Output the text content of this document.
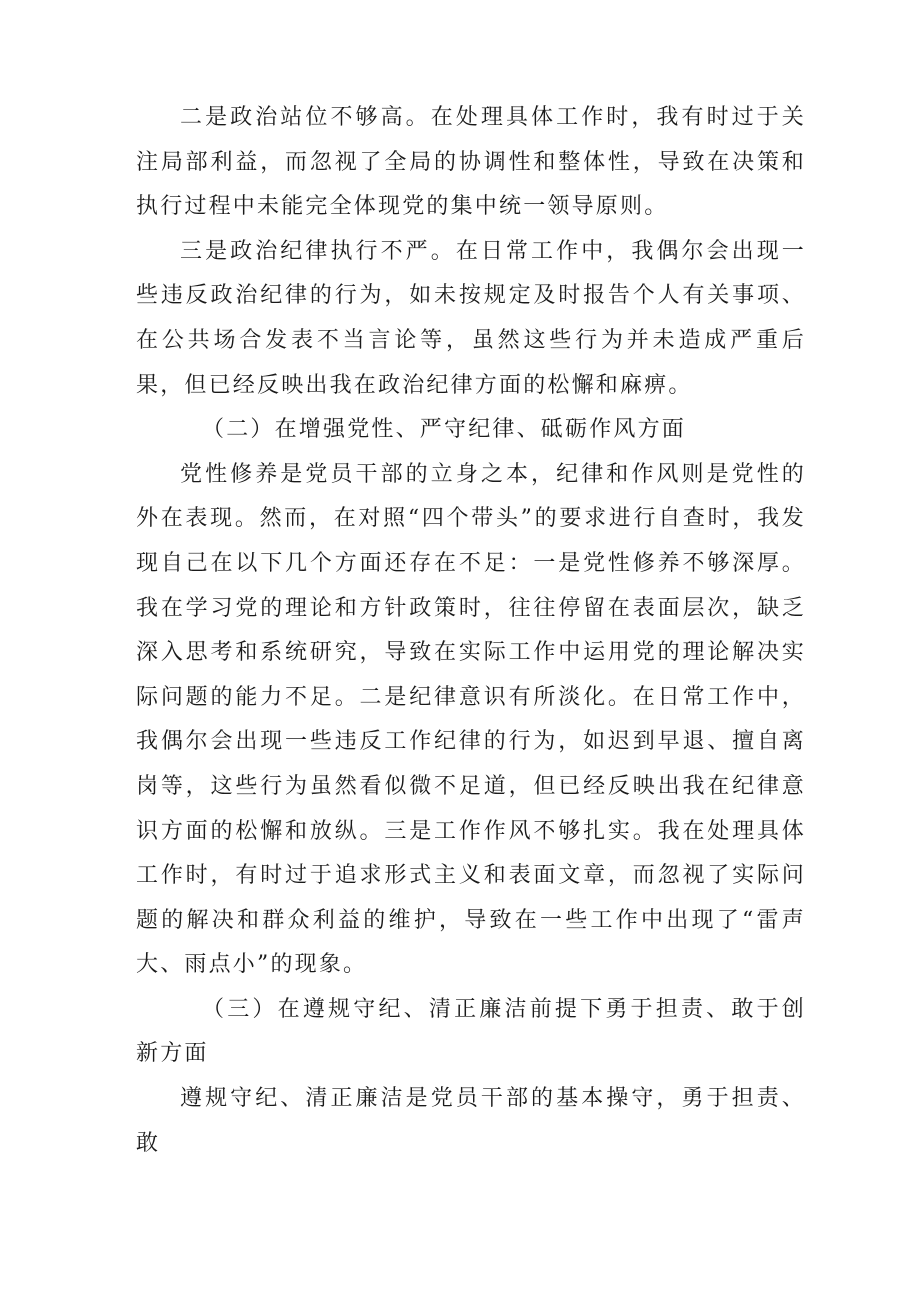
二是政治站位不够高。在处理具体工作时，我有时过于关注局部利益，而忽视了全局的协调性和整体性，导致在决策和执行过程中未能完全体现党的集中统一领导原则。

三是政治纪律执行不严。在日常工作中，我偶尔会出现一些违反政治纪律的行为，如未按规定及时报告个人有关事项、在公共场合发表不当言论等，虽然这些行为并未造成严重后果，但已经反映出我在政治纪律方面的松懈和麻痹。

（二）在增强党性、严守纪律、砥砺作风方面

党性修养是党员干部的立身之本，纪律和作风则是党性的外在表现。然而，在对照“四个带头”的要求进行自查时，我发现自己在以下几个方面还存在不足：一是党性修养不够深厚。我在学习党的理论和方针政策时，往往停留在表面层次，缺乏深入思考和系统研究，导致在实际工作中运用党的理论解决实际问题的能力不足。二是纪律意识有所淡化。在日常工作中，我偶尔会出现一些违反工作纪律的行为，如迟到早退、擅自离岗等，这些行为虽然看似微不足道，但已经反映出我在纪律意识方面的松懈和放纵。三是工作作风不够扎实。我在处理具体工作时，有时过于追求形式主义和表面文章，而忽视了实际问题的解决和群众利益的维护，导致在一些工作中出现了“雷声大、雨点小”的现象。

（三）在遵规守纪、清正廉洁前提下勇于担责、敢于创新方面

遵规守纪、清正廉洁是党员干部的基本操守，勇于担责、敢
